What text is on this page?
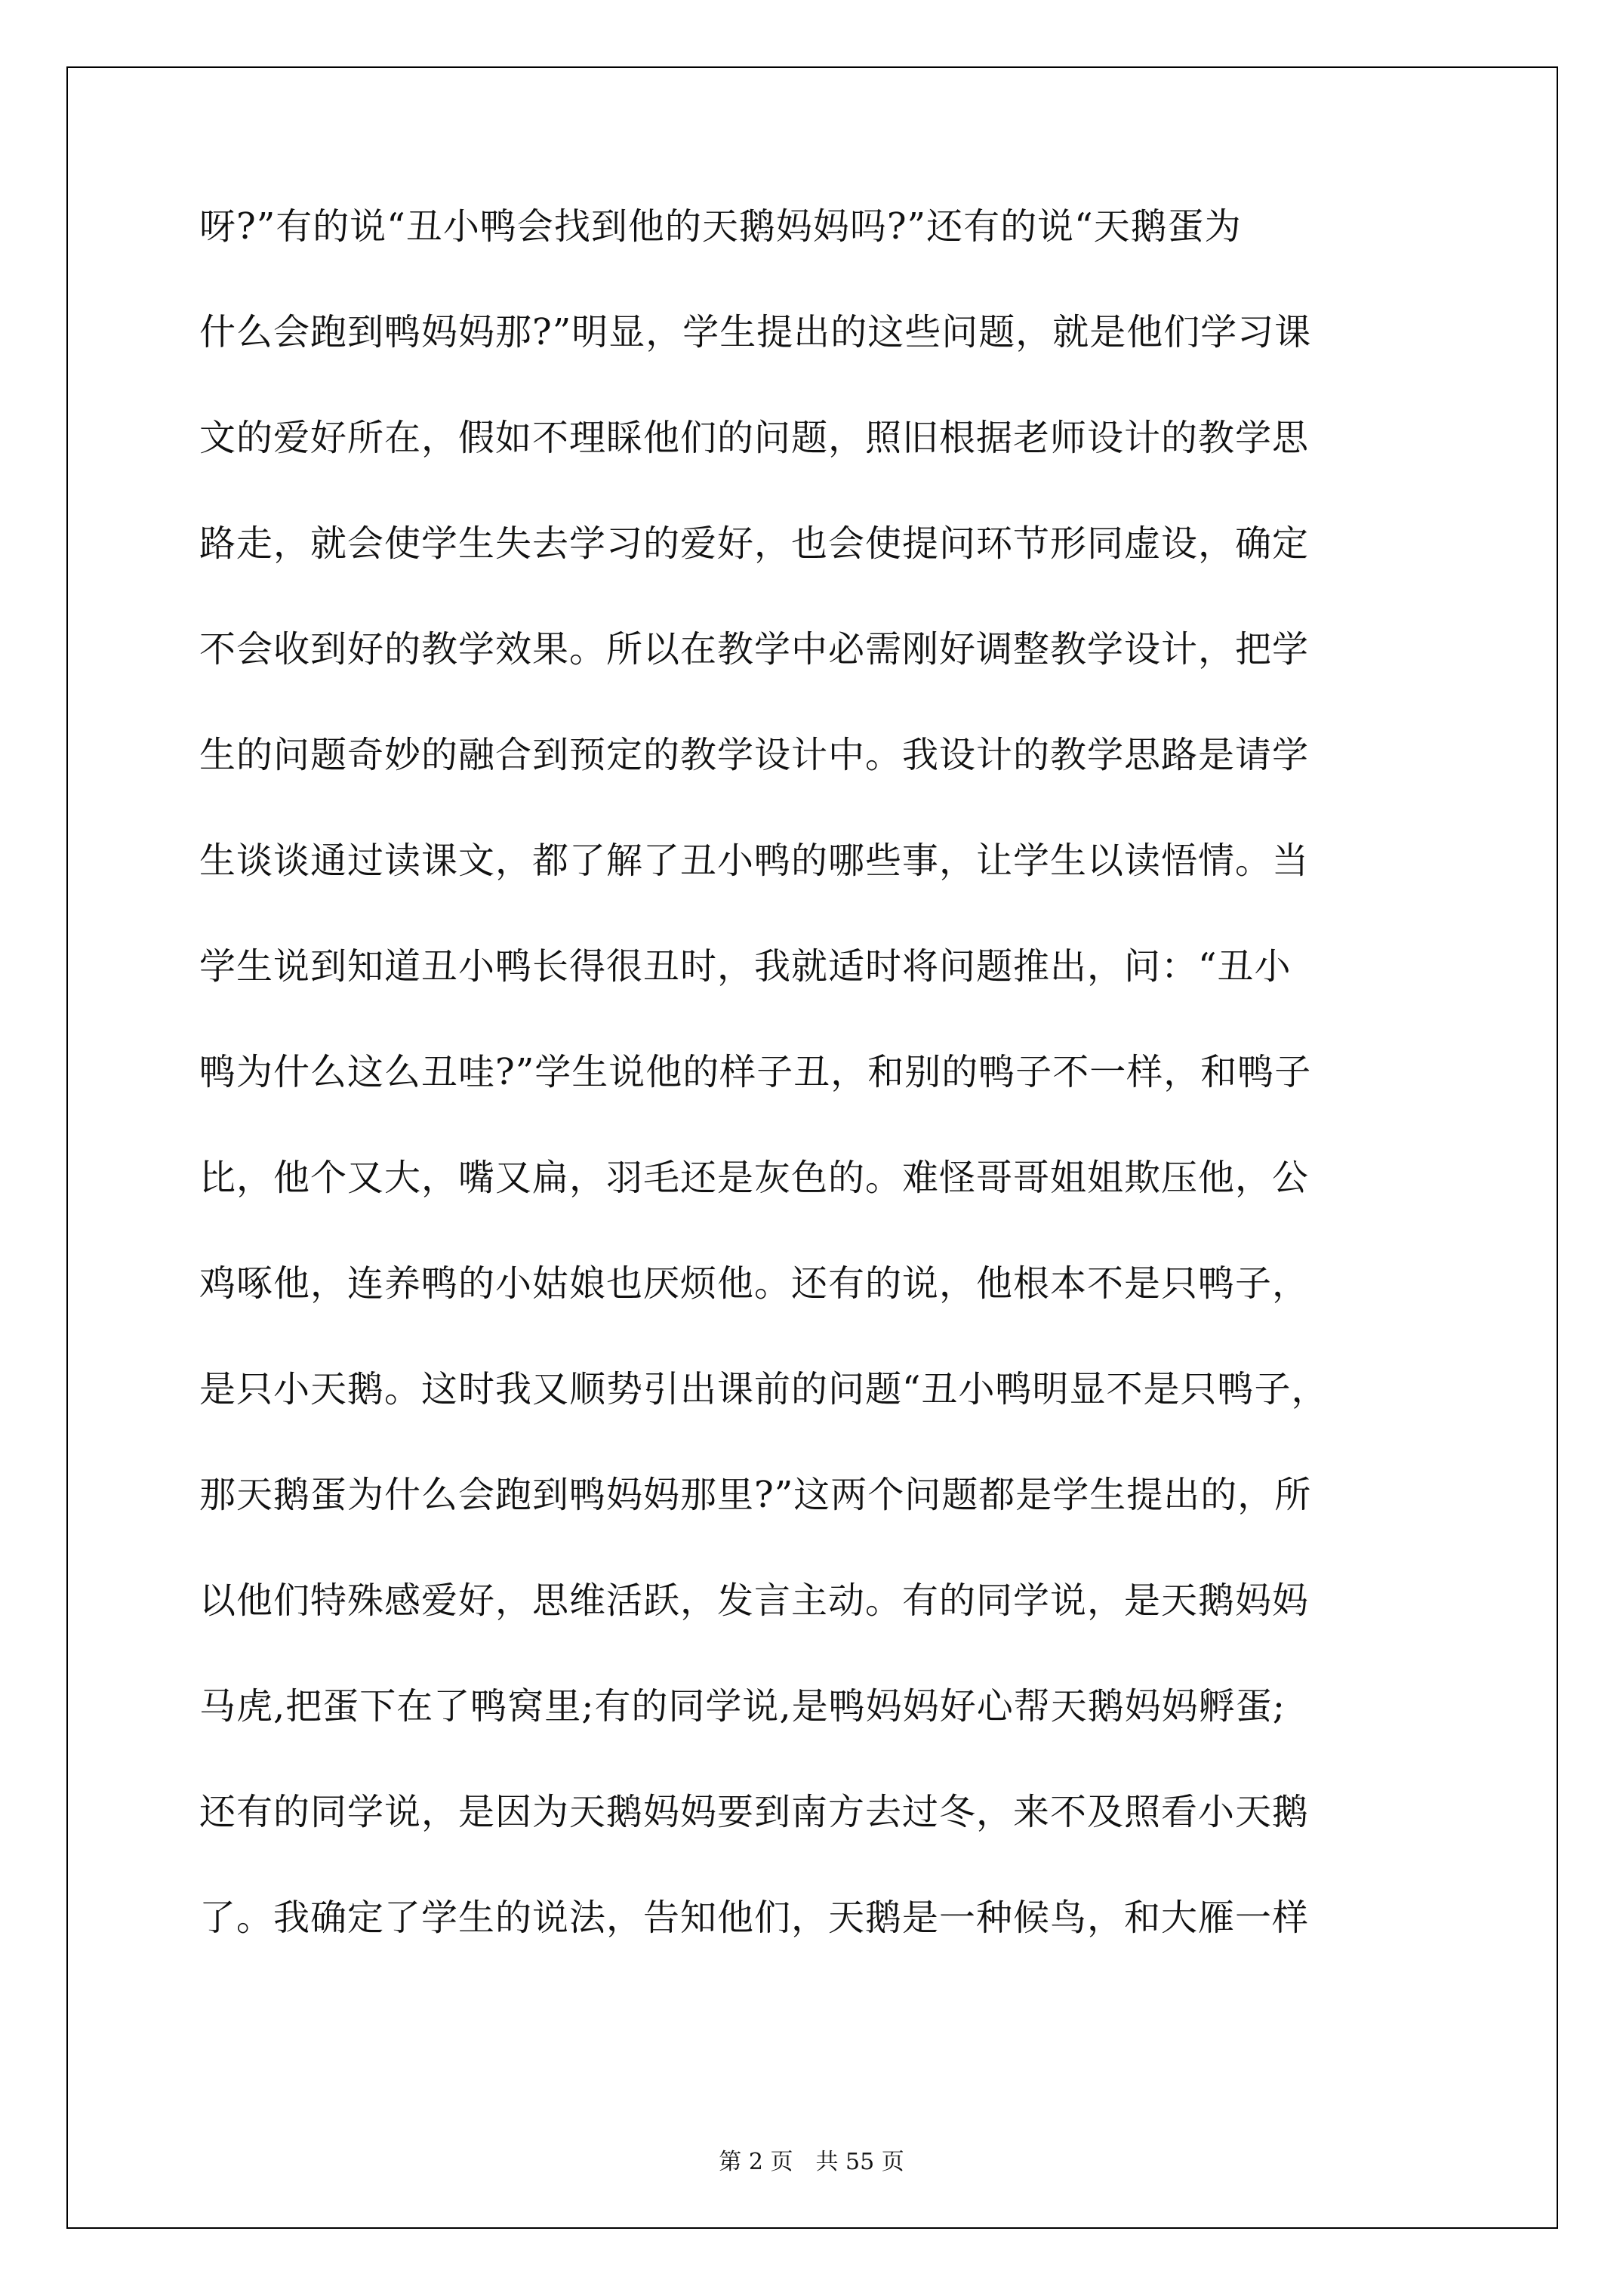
呀?”有的说“丑小鸭会找到他的天鹅妈妈吗?”还有的说“天鹅蛋为
什么会跑到鸭妈妈那?”明显，学生提出的这些问题，就是他们学习课
文的爱好所在，假如不理睬他们的问题，照旧根据老师设计的教学思
路走，就会使学生失去学习的爱好，也会使提问环节形同虚设，确定
不会收到好的教学效果。所以在教学中必需刚好调整教学设计，把学
生的问题奇妙的融合到预定的教学设计中。我设计的教学思路是请学
生谈谈通过读课文，都了解了丑小鸭的哪些事，让学生以读悟情。当
学生说到知道丑小鸭长得很丑时，我就适时将问题推出，问：“丑小
鸭为什么这么丑哇?”学生说他的样子丑，和别的鸭子不一样，和鸭子
比，他个又大，嘴又扁，羽毛还是灰色的。难怪哥哥姐姐欺压他，公
鸡啄他，连养鸭的小姑娘也厌烦他。还有的说，他根本不是只鸭子，
是只小天鹅。这时我又顺势引出课前的问题“丑小鸭明显不是只鸭子，
那天鹅蛋为什么会跑到鸭妈妈那里?”这两个问题都是学生提出的，所
以他们特殊感爱好，思维活跃，发言主动。有的同学说，是天鹅妈妈
马虎,把蛋下在了鸭窝里;有的同学说,是鸭妈妈好心帮天鹅妈妈孵蛋;
还有的同学说，是因为天鹅妈妈要到南方去过冬，来不及照看小天鹅
了。我确定了学生的说法，告知他们，天鹅是一种候鸟，和大雁一样
第 2 页　共 55 页
